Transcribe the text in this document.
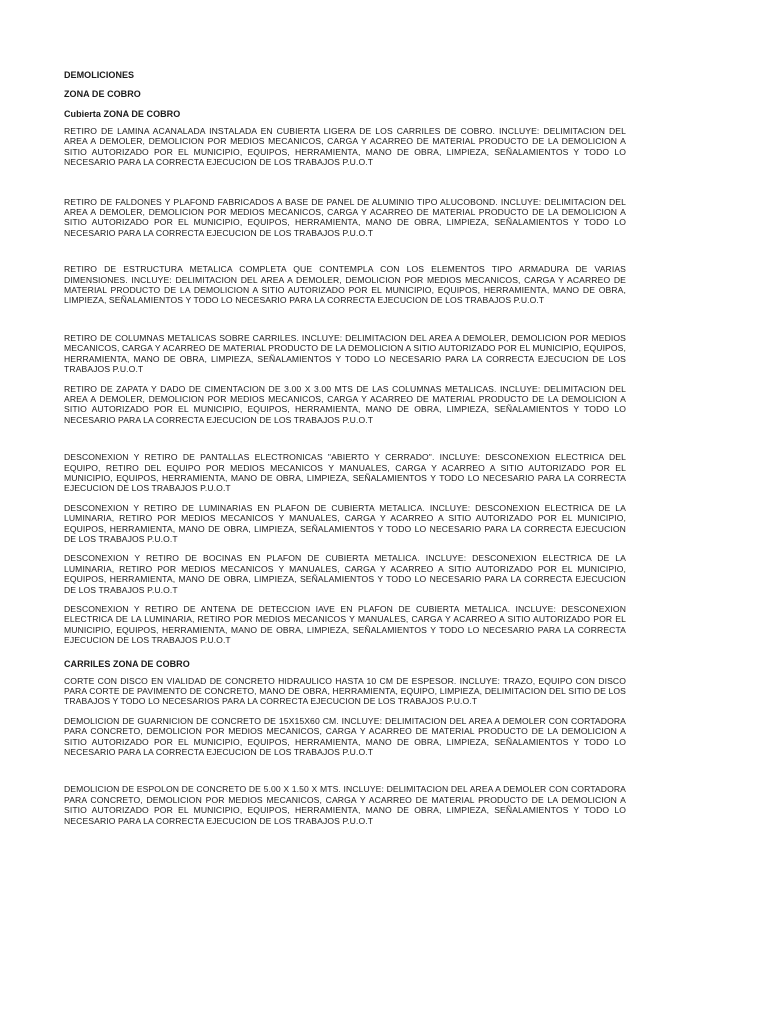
DEMOLICIONES

ZONA DE COBRO

Cubierta ZONA DE COBRO

RETIRO DE LAMINA ACANALADA INSTALADA EN CUBIERTA LIGERA DE LOS CARRILES DE COBRO. INCLUYE: DELIMITACION DEL AREA A DEMOLER, DEMOLICION POR MEDIOS MECANICOS, CARGA Y ACARREO DE MATERIAL PRODUCTO DE LA DEMOLICION A SITIO AUTORIZADO POR EL MUNICIPIO, EQUIPOS, HERRAMIENTA, MANO DE OBRA, LIMPIEZA, SEÑALAMIENTOS Y TODO LO NECESARIO PARA LA CORRECTA EJECUCION DE LOS TRABAJOS P.U.O.T

RETIRO DE FALDONES Y PLAFOND FABRICADOS A BASE DE PANEL DE ALUMINIO TIPO ALUCOBOND. INCLUYE: DELIMITACION DEL AREA A DEMOLER, DEMOLICION POR MEDIOS MECANICOS, CARGA Y ACARREO DE MATERIAL PRODUCTO DE LA DEMOLICION A SITIO AUTORIZADO POR EL MUNICIPIO, EQUIPOS, HERRAMIENTA, MANO DE OBRA, LIMPIEZA, SEÑALAMIENTOS Y TODO LO NECESARIO PARA LA CORRECTA EJECUCION DE LOS TRABAJOS P.U.O.T

RETIRO DE ESTRUCTURA METALICA COMPLETA QUE CONTEMPLA CON LOS ELEMENTOS TIPO ARMADURA DE VARIAS DIMENSIONES. INCLUYE: DELIMITACION DEL AREA A DEMOLER, DEMOLICION POR MEDIOS MECANICOS, CARGA Y ACARREO DE MATERIAL PRODUCTO DE LA DEMOLICION A SITIO AUTORIZADO POR EL MUNICIPIO, EQUIPOS, HERRAMIENTA, MANO DE OBRA, LIMPIEZA, SEÑALAMIENTOS Y TODO LO NECESARIO PARA LA CORRECTA EJECUCION DE LOS TRABAJOS P.U.O.T

RETIRO DE COLUMNAS METALICAS SOBRE CARRILES. INCLUYE: DELIMITACION DEL AREA A DEMOLER, DEMOLICION POR MEDIOS MECANICOS, CARGA Y ACARREO DE MATERIAL PRODUCTO DE LA DEMOLICION A SITIO AUTORIZADO POR EL MUNICIPIO, EQUIPOS, HERRAMIENTA, MANO DE OBRA, LIMPIEZA, SEÑALAMIENTOS Y TODO LO NECESARIO PARA LA CORRECTA EJECUCION DE LOS TRABAJOS P.U.O.T

RETIRO DE ZAPATA Y DADO DE CIMENTACION DE 3.00 X 3.00 MTS DE LAS COLUMNAS METALICAS. INCLUYE: DELIMITACION DEL AREA A DEMOLER, DEMOLICION POR MEDIOS MECANICOS, CARGA Y ACARREO DE MATERIAL PRODUCTO DE LA DEMOLICION A SITIO AUTORIZADO POR EL MUNICIPIO, EQUIPOS, HERRAMIENTA, MANO DE OBRA, LIMPIEZA, SEÑALAMIENTOS Y TODO LO NECESARIO PARA LA CORRECTA EJECUCION DE LOS TRABAJOS P.U.O.T

DESCONEXION Y RETIRO DE PANTALLAS ELECTRONICAS "ABIERTO Y CERRADO". INCLUYE: DESCONEXION ELECTRICA DEL EQUIPO, RETIRO DEL EQUIPO POR MEDIOS MECANICOS Y MANUALES, CARGA Y ACARREO A SITIO AUTORIZADO POR EL MUNICIPIO, EQUIPOS, HERRAMIENTA, MANO DE OBRA, LIMPIEZA, SEÑALAMIENTOS Y TODO LO NECESARIO PARA LA CORRECTA EJECUCION DE LOS TRABAJOS P.U.O.T

DESCONEXION Y RETIRO DE LUMINARIAS EN PLAFON DE CUBIERTA METALICA. INCLUYE: DESCONEXION ELECTRICA DE LA LUMINARIA, RETIRO POR MEDIOS MECANICOS Y MANUALES, CARGA Y ACARREO A SITIO AUTORIZADO POR EL MUNICIPIO, EQUIPOS, HERRAMIENTA, MANO DE OBRA, LIMPIEZA, SEÑALAMIENTOS Y TODO LO NECESARIO PARA LA CORRECTA EJECUCION DE LOS TRABAJOS P.U.O.T

DESCONEXION Y RETIRO DE BOCINAS EN PLAFON DE CUBIERTA METALICA. INCLUYE: DESCONEXION ELECTRICA DE LA LUMINARIA, RETIRO POR MEDIOS MECANICOS Y MANUALES, CARGA Y ACARREO A SITIO AUTORIZADO POR EL MUNICIPIO, EQUIPOS, HERRAMIENTA, MANO DE OBRA, LIMPIEZA, SEÑALAMIENTOS Y TODO LO NECESARIO PARA LA CORRECTA EJECUCION DE LOS TRABAJOS P.U.O.T

DESCONEXION Y RETIRO DE ANTENA DE DETECCION IAVE EN PLAFON DE CUBIERTA METALICA. INCLUYE: DESCONEXION ELECTRICA DE LA LUMINARIA, RETIRO POR MEDIOS MECANICOS Y MANUALES, CARGA Y ACARREO A SITIO AUTORIZADO POR EL MUNICIPIO, EQUIPOS, HERRAMIENTA, MANO DE OBRA, LIMPIEZA, SEÑALAMIENTOS Y TODO LO NECESARIO PARA LA CORRECTA EJECUCION DE LOS TRABAJOS P.U.O.T

CARRILES ZONA DE COBRO

CORTE CON DISCO EN VIALIDAD DE CONCRETO HIDRAULICO HASTA 10 CM DE ESPESOR. INCLUYE: TRAZO, EQUIPO CON DISCO PARA CORTE DE PAVIMENTO DE CONCRETO, MANO DE OBRA, HERRAMIENTA, EQUIPO, LIMPIEZA, DELIMITACION DEL SITIO DE LOS TRABAJOS Y TODO LO NECESARIOS PARA LA CORRECTA EJECUCION DE LOS TRABAJOS P.U.O.T

DEMOLICION DE GUARNICION DE CONCRETO DE 15X15X60 CM. INCLUYE: DELIMITACION DEL AREA A DEMOLER CON CORTADORA PARA CONCRETO, DEMOLICION POR MEDIOS MECANICOS, CARGA Y ACARREO DE MATERIAL PRODUCTO DE LA DEMOLICION A SITIO AUTORIZADO POR EL MUNICIPIO, EQUIPOS, HERRAMIENTA, MANO DE OBRA, LIMPIEZA, SEÑALAMIENTOS Y TODO LO NECESARIO PARA LA CORRECTA EJECUCION DE LOS TRABAJOS P.U.O.T

DEMOLICION DE ESPOLON DE CONCRETO DE 5.00 X 1.50 X MTS. INCLUYE: DELIMITACION DEL AREA A DEMOLER CON CORTADORA PARA CONCRETO, DEMOLICION POR MEDIOS MECANICOS, CARGA Y ACARREO DE MATERIAL PRODUCTO DE LA DEMOLICION A SITIO AUTORIZADO POR EL MUNICIPIO, EQUIPOS, HERRAMIENTA, MANO DE OBRA, LIMPIEZA, SEÑALAMIENTOS Y TODO LO NECESARIO PARA LA CORRECTA EJECUCION DE LOS TRABAJOS P.U.O.T
